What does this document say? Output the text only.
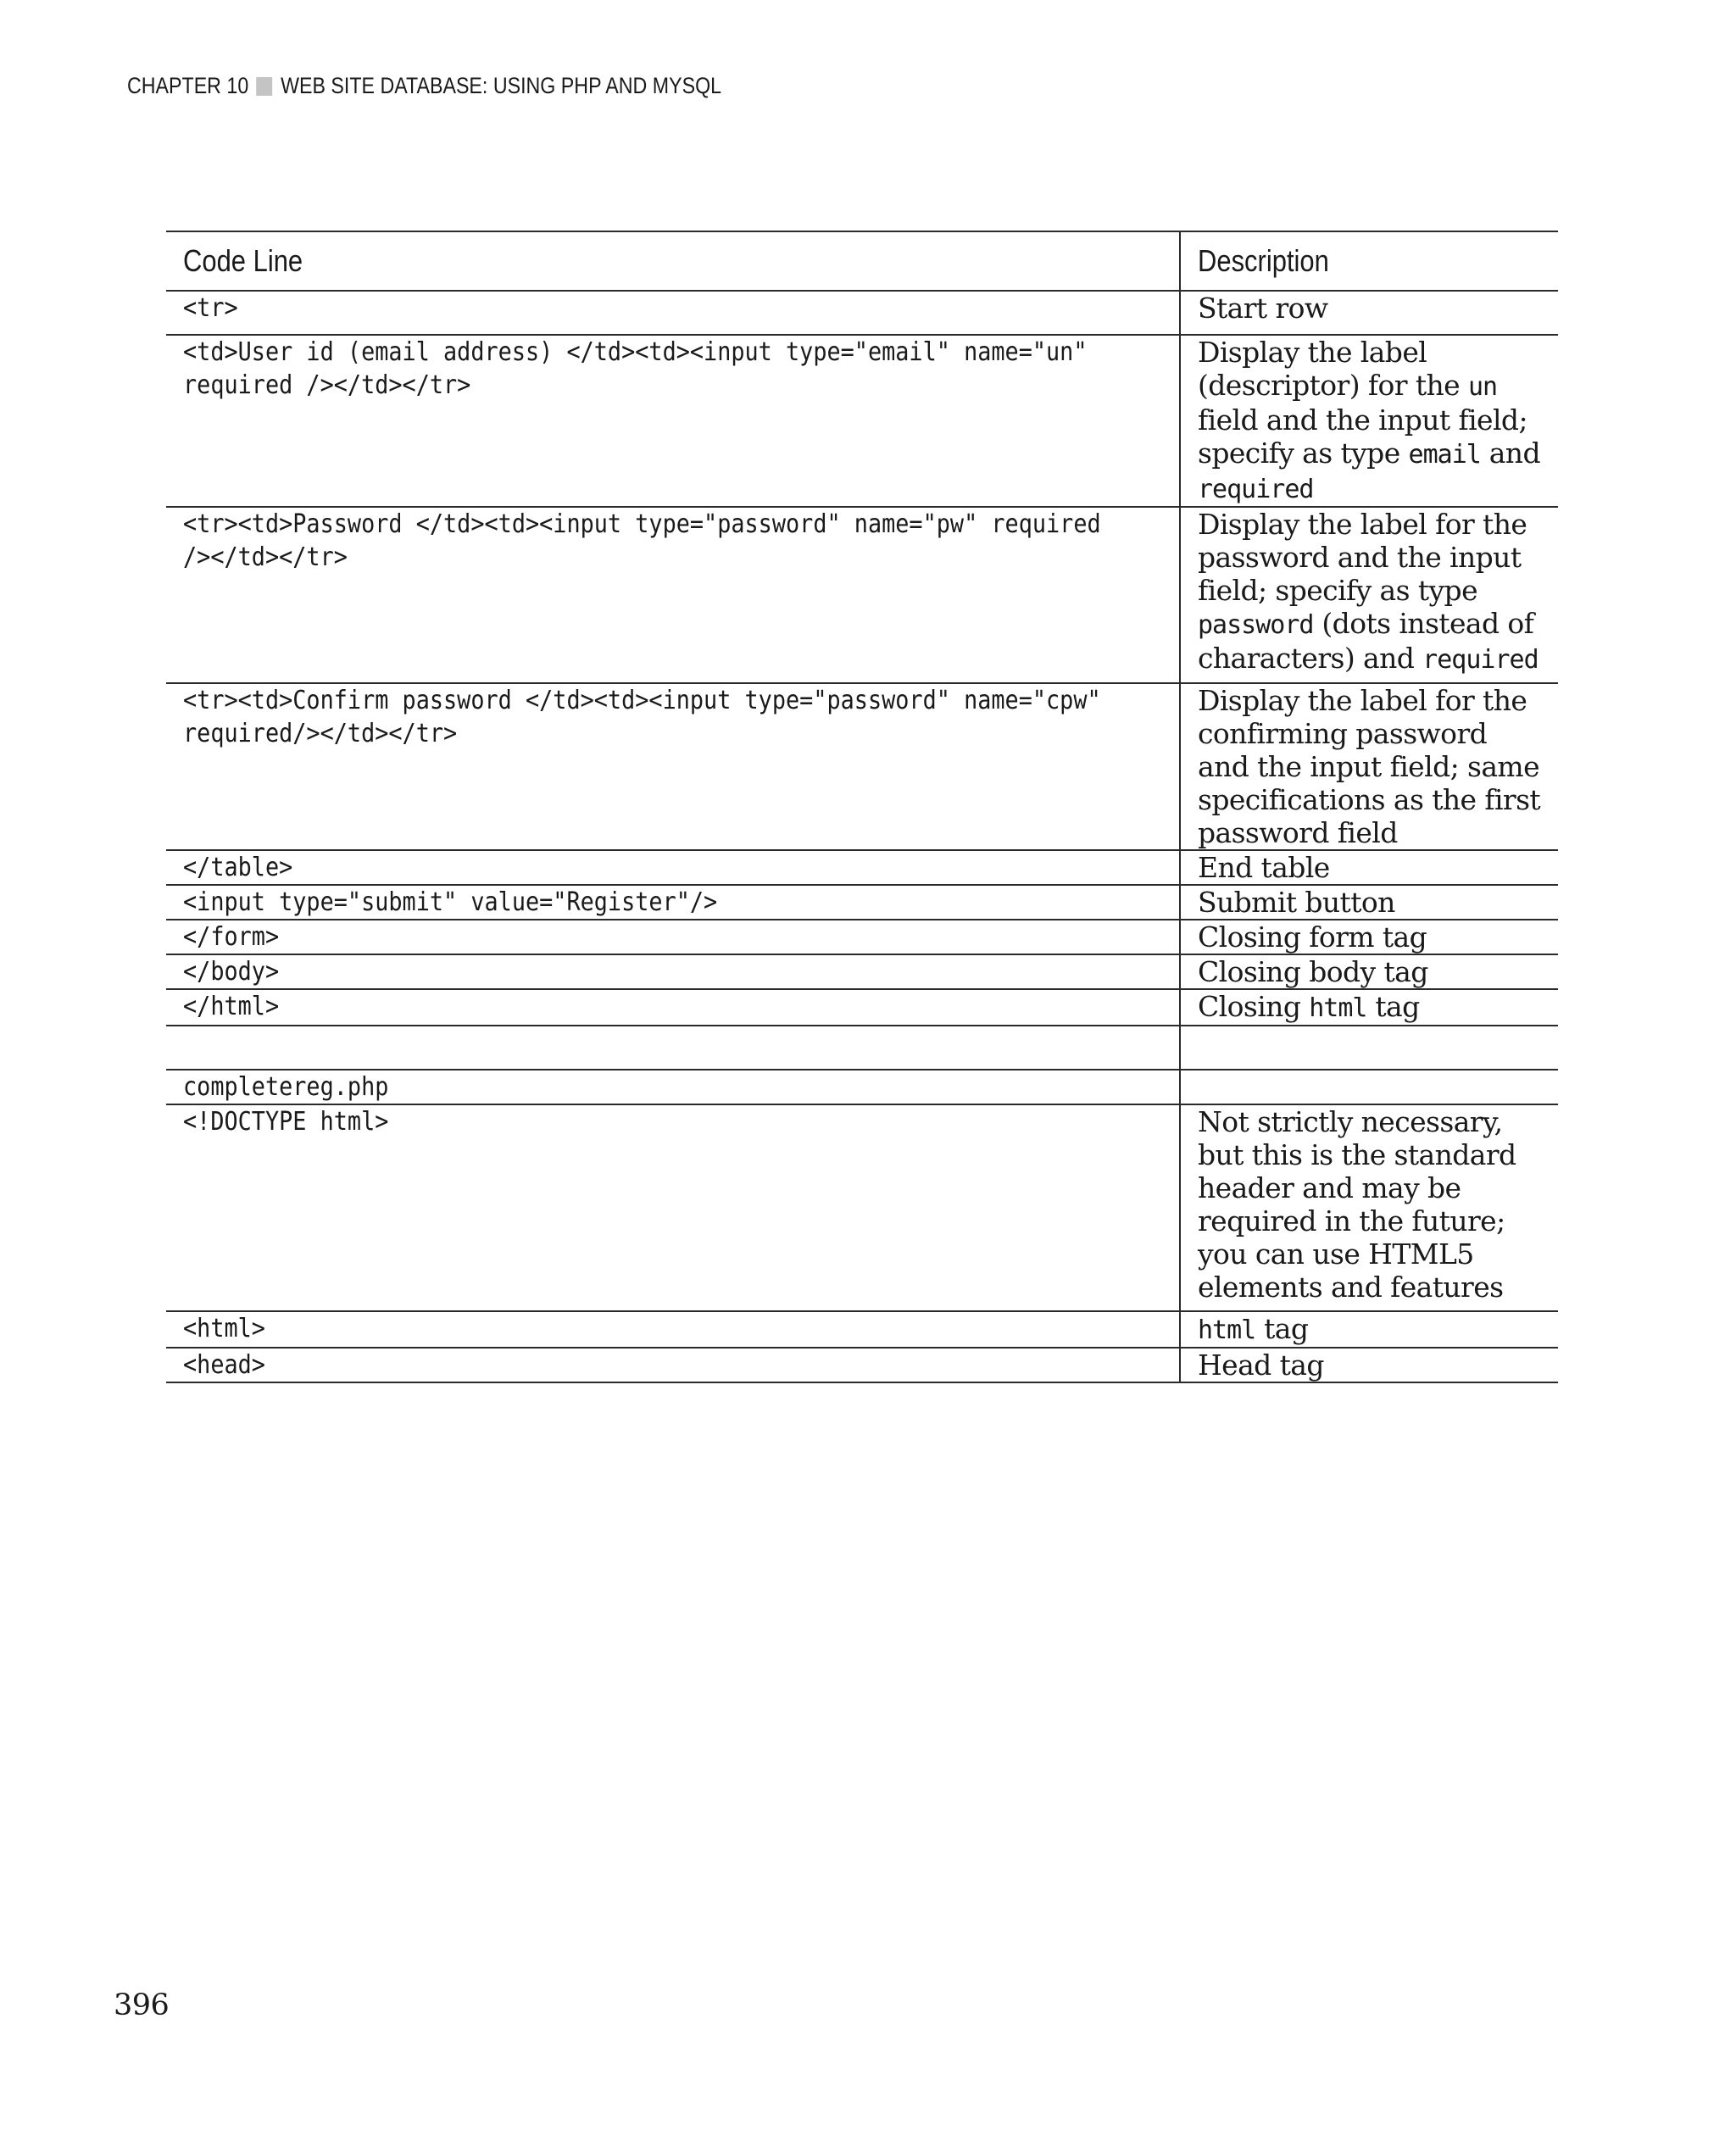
CHAPTER 10 WEB SITE DATABASE: USING PHP AND MYSQL
Code Line	Description
<tr>	Start row
<td>User id (email address) </td><td><input type="email" name="un"
required /></td></tr>	Display the label (descriptor) for the un field and the input field; specify as type email and required
<tr><td>Password </td><td><input type="password" name="pw" required
/></td></tr>	Display the label for the password and the input field; specify as type password (dots instead of characters) and required
<tr><td>Confirm password </td><td><input type="password" name="cpw"
required/></td></tr>	Display the label for the confirming password and the input field; same specifications as the first password field
</table>	End table
<input type="submit" value="Register"/>	Submit button
</form>	Closing form tag
</body>	Closing body tag
</html>	Closing html tag

completereg.php	
<!DOCTYPE html>	Not strictly necessary, but this is the standard header and may be required in the future; you can use HTML5 elements and features
<html>	html tag
<head>	Head tag
396
